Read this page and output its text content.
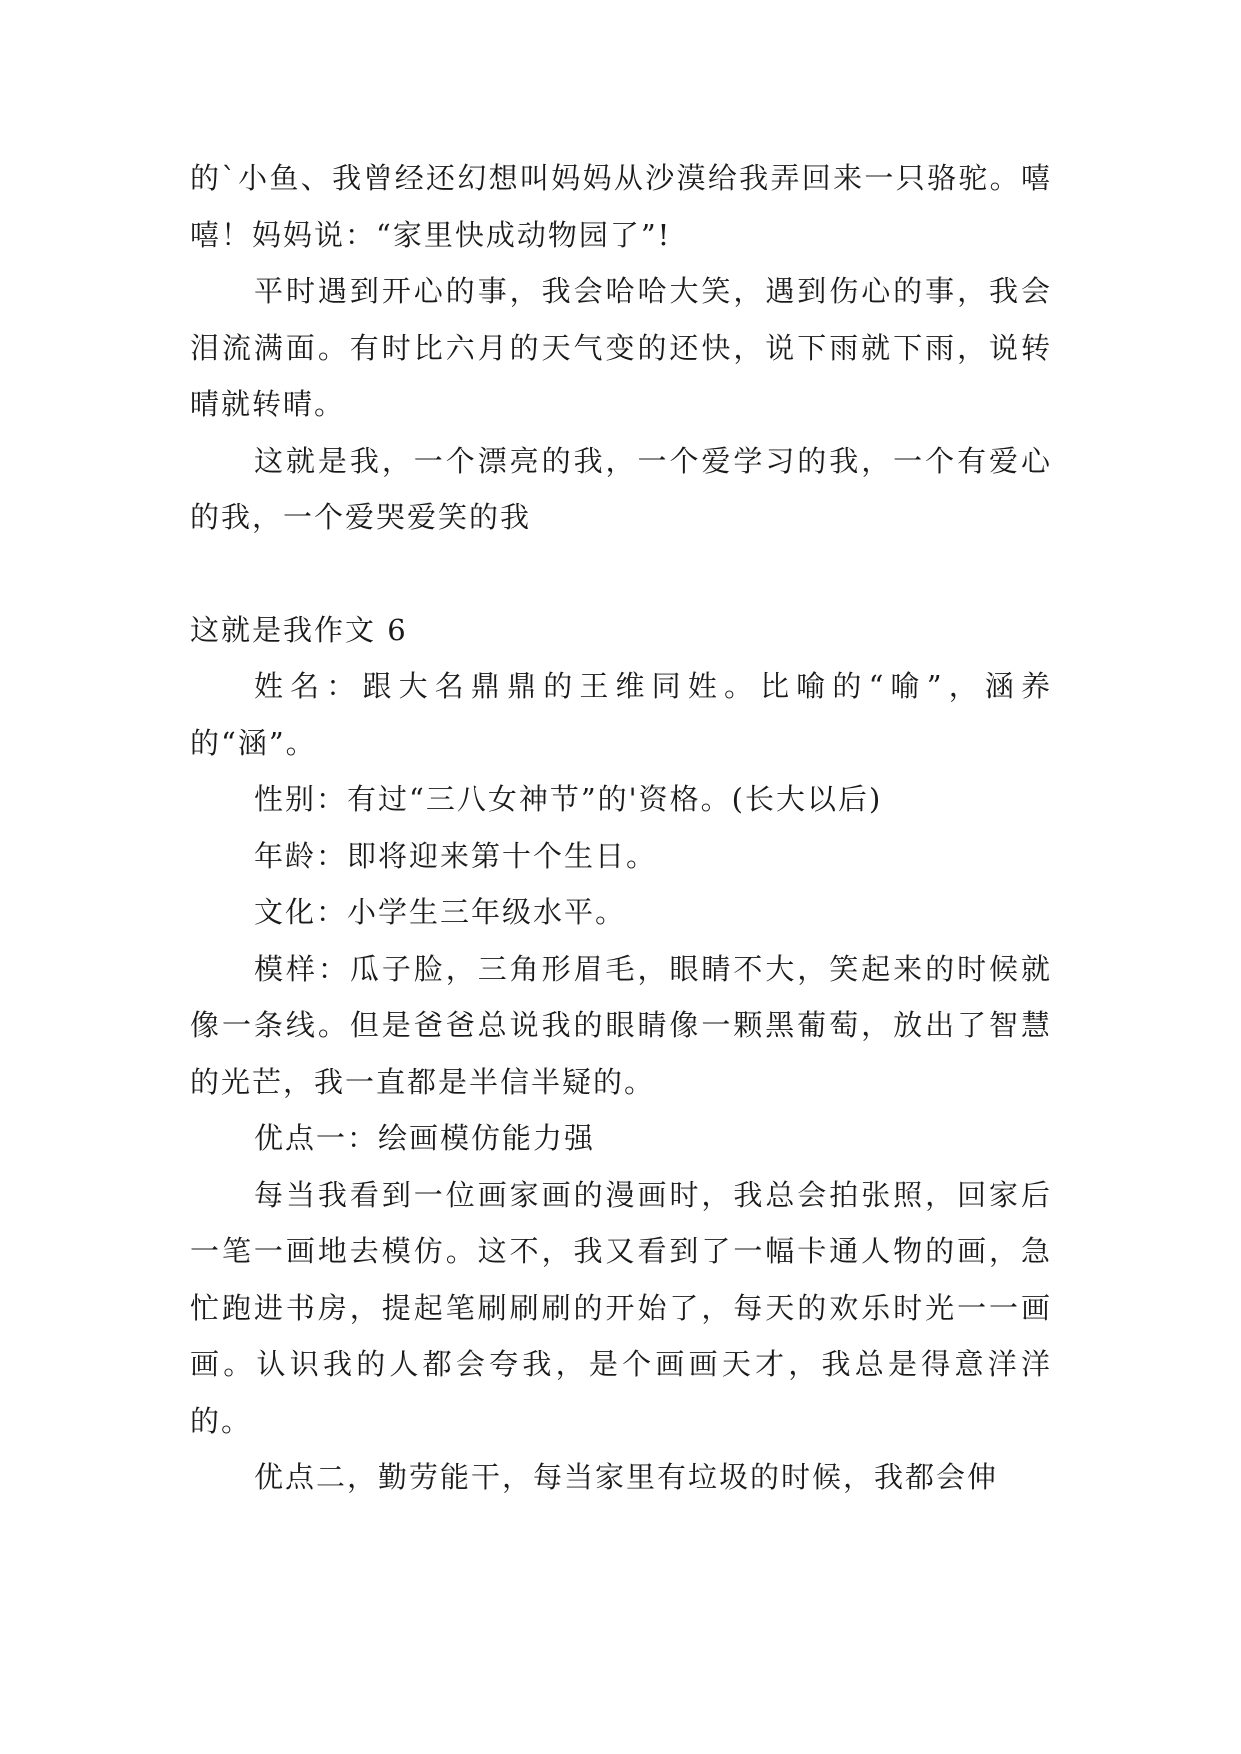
的`小鱼、我曾经还幻想叫妈妈从沙漠给我弄回来一只骆驼。嘻嘻！妈妈说：“家里快成动物园了”!

平时遇到开心的事，我会哈哈大笑，遇到伤心的事，我会泪流满面。有时比六月的天气变的还快，说下雨就下雨，说转晴就转晴。

这就是我，一个漂亮的我，一个爱学习的我，一个有爱心的我，一个爱哭爱笑的我

这就是我作文 6

姓名：跟大名鼎鼎的王维同姓。比喻的“喻”，涵养的“涵”。

性别：有过“三八女神节”的'资格。(长大以后)

年龄：即将迎来第十个生日。

文化：小学生三年级水平。

模样：瓜子脸，三角形眉毛，眼睛不大，笑起来的时候就像一条线。但是爸爸总说我的眼睛像一颗黑葡萄，放出了智慧的光芒，我一直都是半信半疑的。

优点一：绘画模仿能力强

每当我看到一位画家画的漫画时，我总会拍张照，回家后一笔一画地去模仿。这不，我又看到了一幅卡通人物的画，急忙跑进书房，提起笔刷刷刷的开始了，每天的欢乐时光一一画画。认识我的人都会夸我，是个画画天才，我总是得意洋洋的。

优点二，勤劳能干，每当家里有垃圾的时候，我都会伸
